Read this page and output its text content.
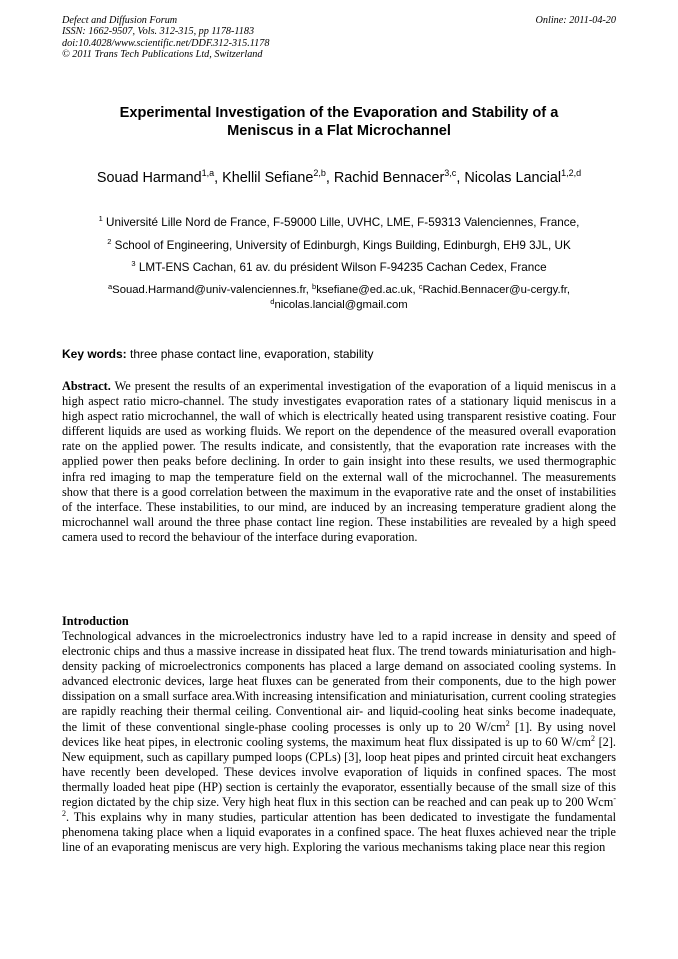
Defect and Diffusion Forum
ISSN: 1662-9507, Vols. 312-315, pp 1178-1183
doi:10.4028/www.scientific.net/DDF.312-315.1178
© 2011 Trans Tech Publications Ltd, Switzerland
Online: 2011-04-20
Experimental Investigation of the Evaporation and Stability of a
Meniscus in a Flat Microchannel
Souad Harmand$^{1,a}$, Khellil Sefiane$^{2,b}$, Rachid Bennacer$^{3,c}$, Nicolas Lancial$^{1,2,d}$
$^1$ Université Lille Nord de France, F-59000 Lille, UVHC, LME, F-59313 Valenciennes, France,
$^2$ School of Engineering, University of Edinburgh, Kings Building, Edinburgh, EH9 3JL, UK
$^3$ LMT-ENS Cachan, 61 av. du président Wilson F-94235 Cachan Cedex, France
$^a$Souad.Harmand@univ-valenciennes.fr, $^b$ksefiane@ed.ac.uk, $^c$Rachid.Bennacer@u-cergy.fr,
$^d$nicolas.lancial@gmail.com
Key words: three phase contact line, evaporation, stability
Abstract. We present the results of an experimental investigation of the evaporation of a liquid meniscus in a high aspect ratio micro-channel. The study investigates evaporation rates of a stationary liquid meniscus in a high aspect ratio microchannel, the wall of which is electrically heated using transparent resistive coating. Four different liquids are used as working fluids. We report on the dependence of the measured overall evaporation rate on the applied power. The results indicate, and consistently, that the evaporation rate increases with the applied power then peaks before declining. In order to gain insight into these results, we used thermographic infra red imaging to map the temperature field on the external wall of the microchannel. The measurements show that there is a good correlation between the maximum in the evaporative rate and the onset of instabilities of the interface. These instabilities, to our mind, are induced by an increasing temperature gradient along the microchannel wall around the three phase contact line region. These instabilities are revealed by a high speed camera used to record the behaviour of the interface during evaporation.
Introduction
Technological advances in the microelectronics industry have led to a rapid increase in density and speed of electronic chips and thus a massive increase in dissipated heat flux. The trend towards miniaturisation and high-density packing of microelectronics components has placed a large demand on associated cooling systems. In advanced electronic devices, large heat fluxes can be generated from their components, due to the high power dissipation on a small surface area.With increasing intensification and miniaturisation, current cooling strategies are rapidly reaching their thermal ceiling. Conventional air- and liquid-cooling heat sinks become inadequate, the limit of these conventional single-phase cooling processes is only up to 20 $W/cm^2$ [1]. By using novel devices like heat pipes, in electronic cooling systems, the maximum heat flux dissipated is up to 60 $W/cm^2$ [2]. New equipment, such as capillary pumped loops (CPLs) [3], loop heat pipes and printed circuit heat exchangers have recently been developed. These devices involve evaporation of liquids in confined spaces. The most thermally loaded heat pipe (HP) section is certainly the evaporator, essentially because of the small size of this region dictated by the chip size. Very high heat flux in this section can be reached and can peak up to 200 Wcm$^{-2}$. This explains why in many studies, particular attention has been dedicated to investigate the fundamental phenomena taking place when a liquid evaporates in a confined space. The heat fluxes achieved near the triple line of an evaporating meniscus are very high. Exploring the various mechanisms taking place near this region
